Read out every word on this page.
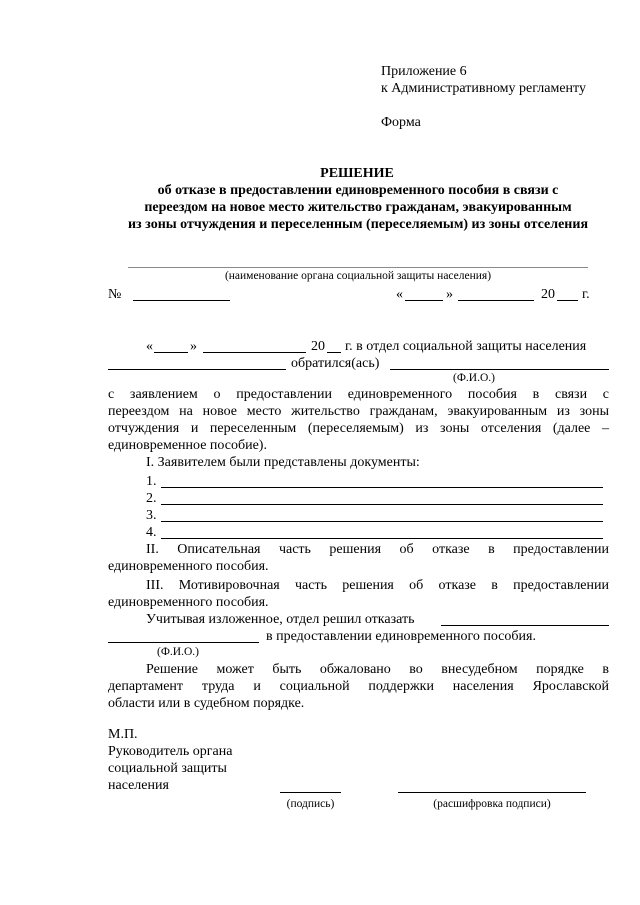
Приложение 6
к Административному регламенту
Форма
РЕШЕНИЕ
об отказе в предоставлении единовременного пособия в связи с
переездом на новое место жительство гражданам, эвакуированным
из зоны отчуждения и переселенным (переселяемым) из зоны отселения
(наименование органа социальной защиты населения)
№	«	»	20 г.
«	»	20 г. в отдел социальной защиты населения
обратился(ась)
(Ф.И.О.)
с заявлением о предоставлении единовременного пособия в связи с
переездом на новое место жительство гражданам, эвакуированным из зоны
отчуждения и переселенным (переселяемым) из зоны отселения (далее –
единовременное пособие).
I. Заявителем были представлены документы:
1.
2.
3.
4.
II. Описательная часть решения об отказе в предоставлении
единовременного пособия.
III. Мотивировочная часть решения об отказе в предоставлении
единовременного пособия.
Учитывая изложенное, отдел решил отказать
в предоставлении единовременного пособия.
(Ф.И.О.)
Решение может быть обжаловано во внесудебном порядке в
департамент труда и социальной поддержки населения Ярославской
области или в судебном порядке.
М.П.
Руководитель органа
социальной защиты
населения
(подпись)	(расшифровка подписи)
